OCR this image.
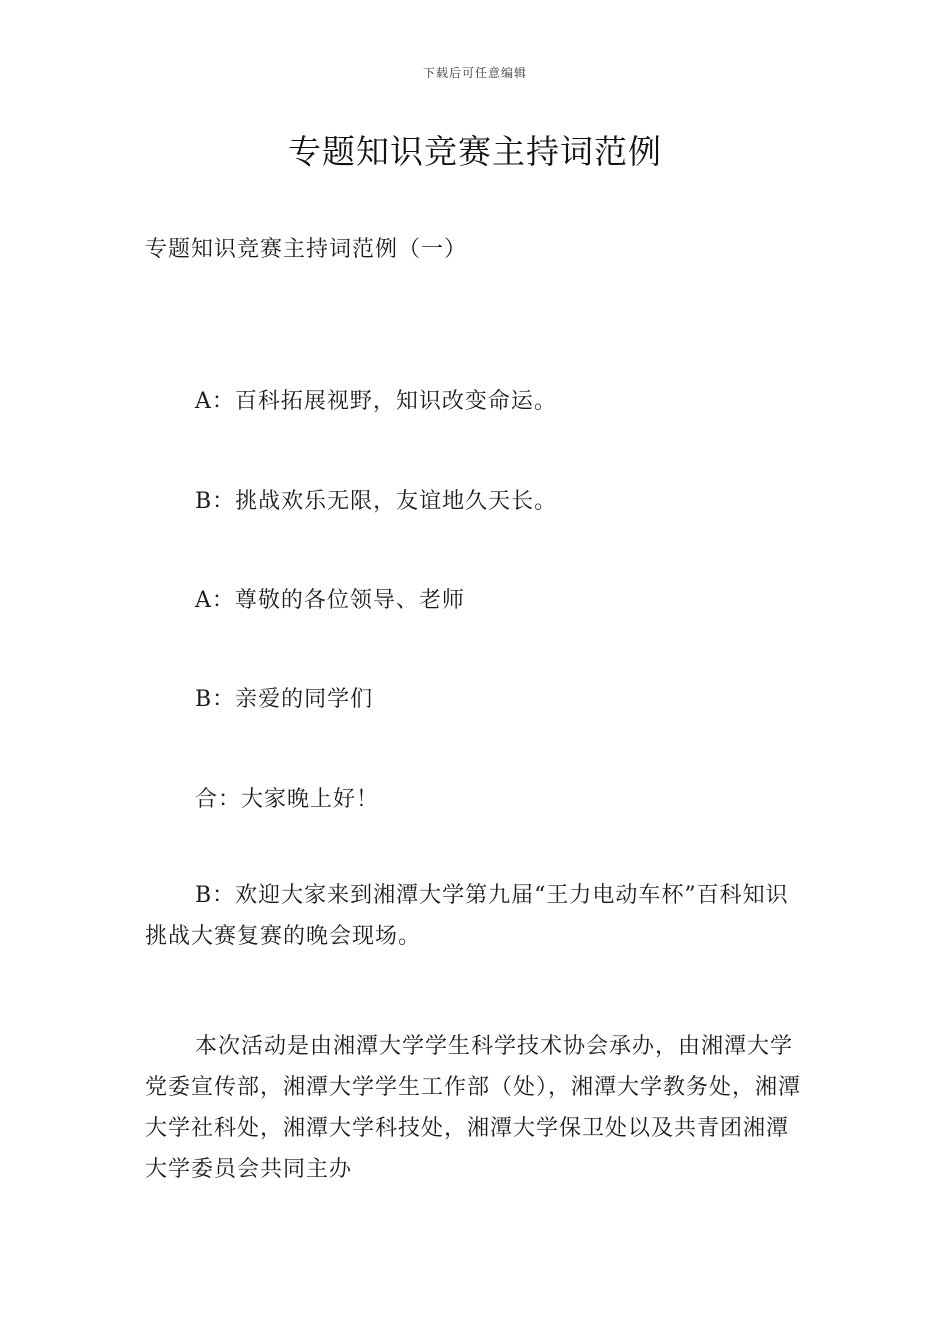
下载后可任意编辑
专题知识竞赛主持词范例
专题知识竞赛主持词范例（一）
A：百科拓展视野，知识改变命运。
B：挑战欢乐无限，友谊地久天长。
A：尊敬的各位领导、老师
B：亲爱的同学们
合：大家晚上好！
B：欢迎大家来到湘潭大学第九届“王力电动车杯”百科知识挑战大赛复赛的晚会现场。
本次活动是由湘潭大学学生科学技术协会承办，由湘潭大学党委宣传部，湘潭大学学生工作部（处），湘潭大学教务处，湘潭大学社科处，湘潭大学科技处，湘潭大学保卫处以及共青团湘潭大学委员会共同主办
